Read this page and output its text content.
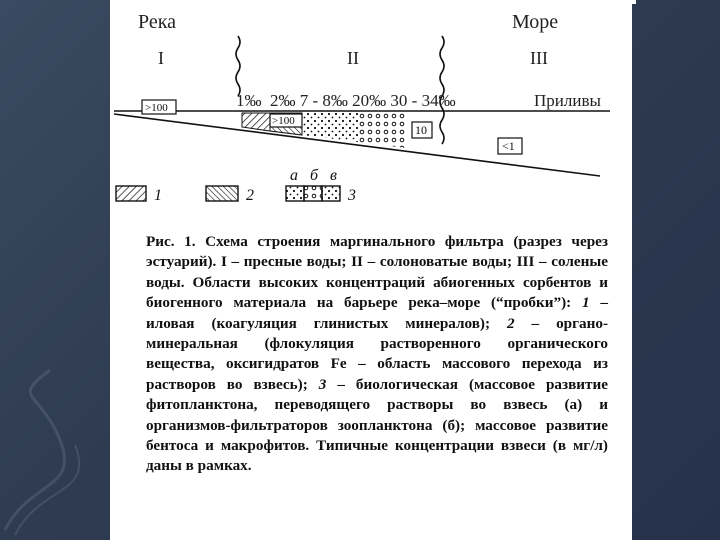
Река	Море
I	II	III
1‰  2‰ 7 - 8‰ 20‰ 30 - 34‰	Приливы
>100
>100
10
<1
а б в
1	2	3
Рис. 1. Схема строения маргинального фильтра (разрез через эстуарий). I – пресные воды; II – солоноватые воды; III – соленые воды. Области высоких концентраций абиогенных сорбентов и биогенного материала на барьере река–море (“пробки”): 1 – иловая (коагуляция глинистых минералов); 2 – органо-минеральная (флокуляция растворенного органического вещества, оксигидратов Fe – область массового перехода из растворов во взвесь); 3 – биологическая (массовое развитие фитопланктона, переводящего растворы во взвесь (а) и организмов-фильтраторов зоопланктона (б); массовое развитие бентоса и макрофитов. Типичные концентрации взвеси (в мг/л) даны в рамках.
